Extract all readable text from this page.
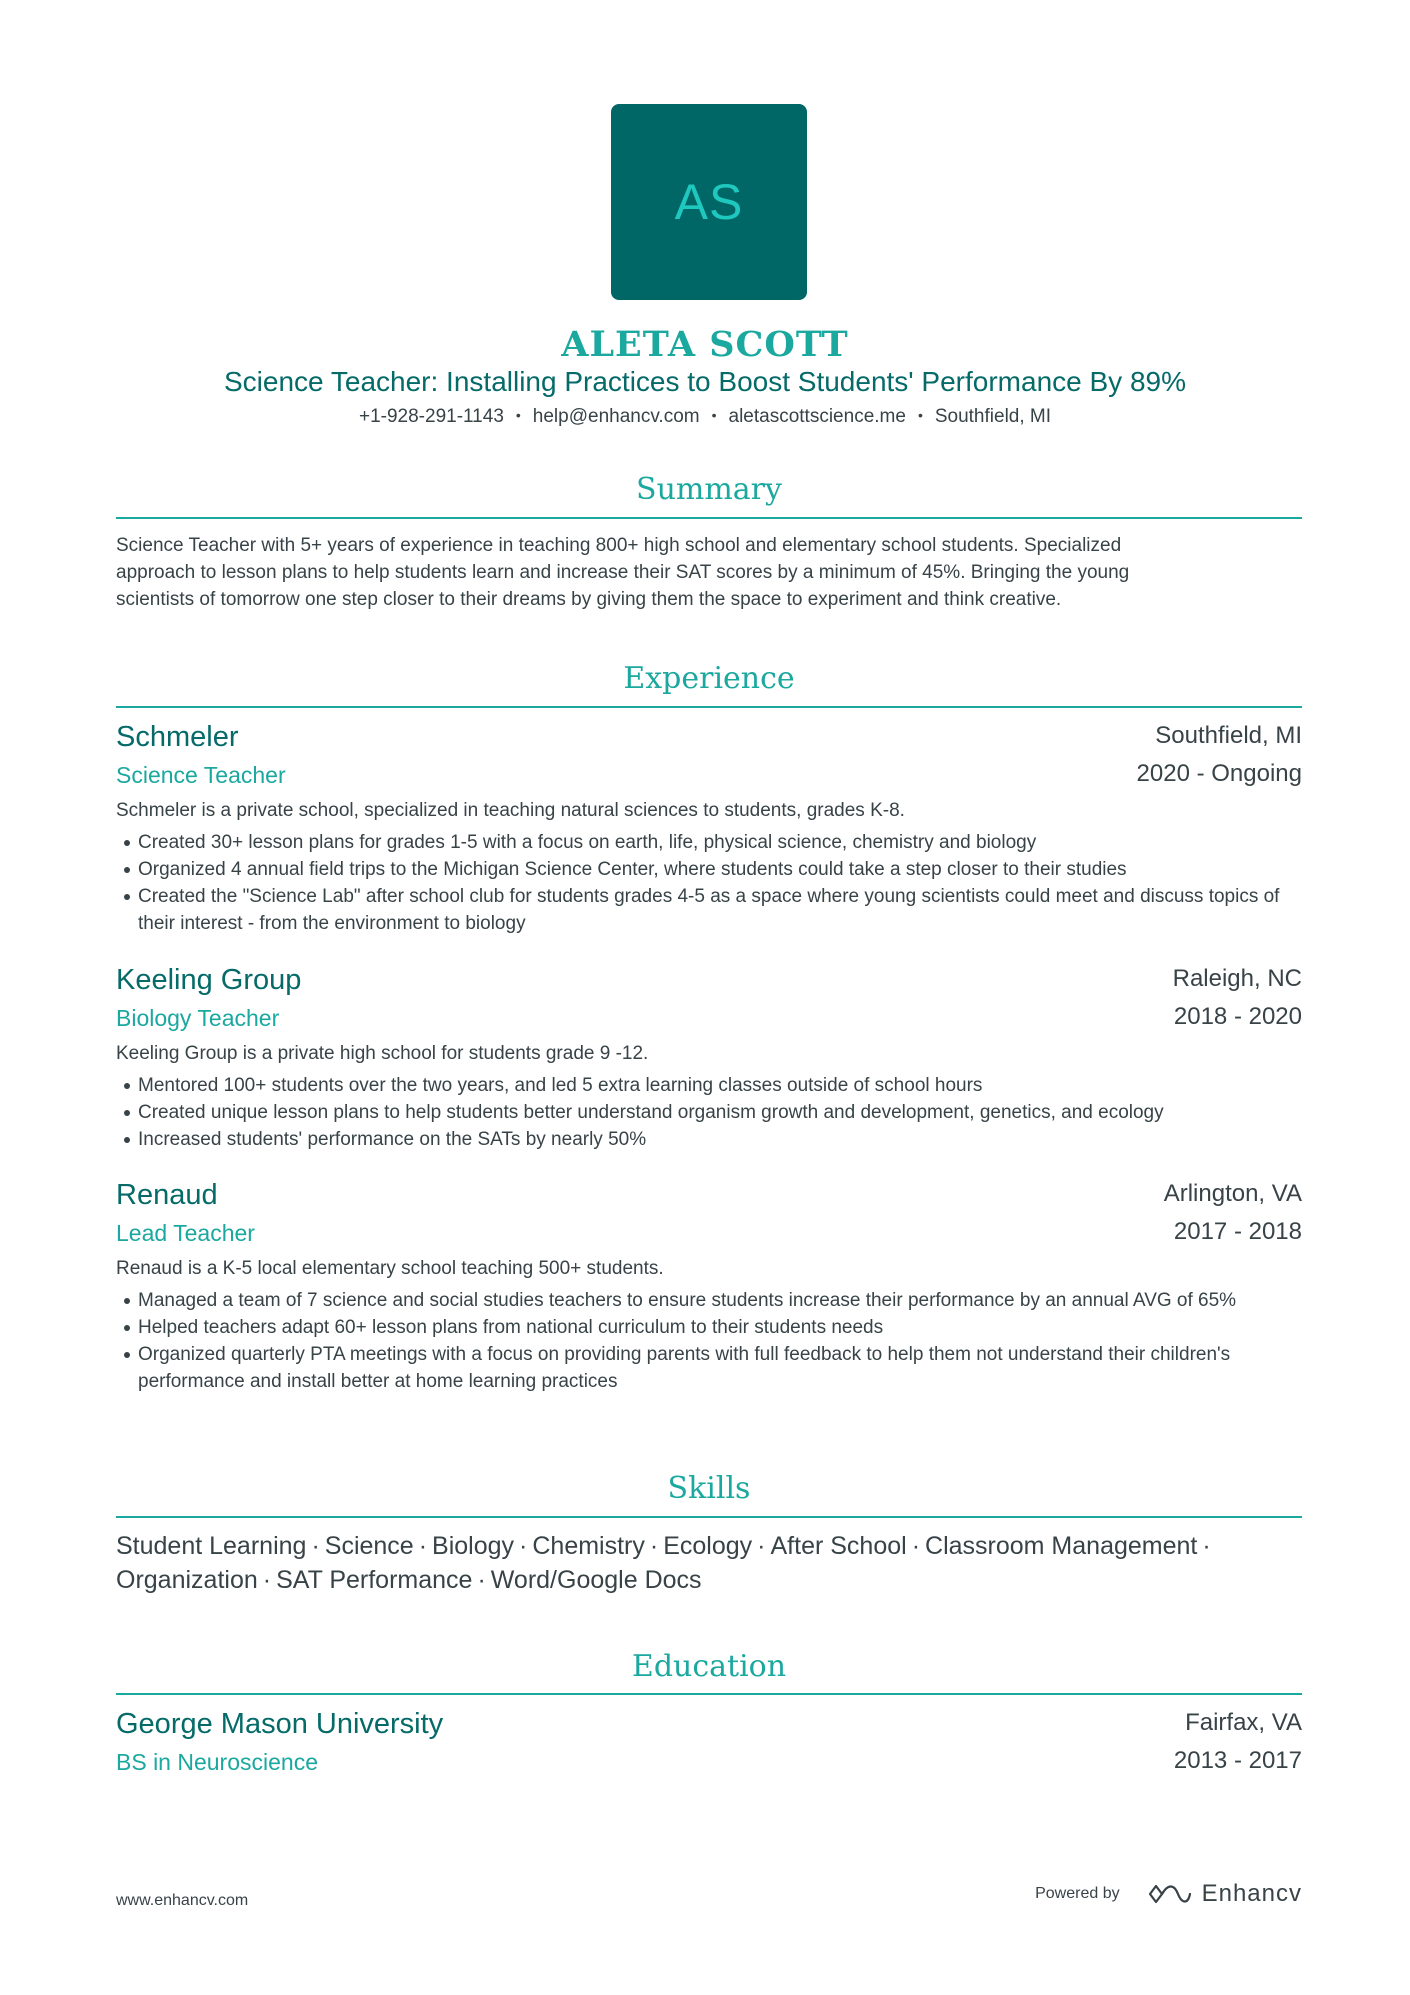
AS
ALETA SCOTT
Science Teacher: Installing Practices to Boost Students' Performance By 89%
+1-928-291-1143 • help@enhancv.com • aletascottscience.me • Southfield, MI
Summary
Science Teacher with 5+ years of experience in teaching 800+ high school and elementary school students. Specialized
approach to lesson plans to help students learn and increase their SAT scores by a minimum of 45%. Bringing the young
scientists of tomorrow one step closer to their dreams by giving them the space to experiment and think creative.
Experience
Schmeler	Southfield, MI
Science Teacher	2020 - Ongoing
Schmeler is a private school, specialized in teaching natural sciences to students, grades K-8.
Created 30+ lesson plans for grades 1-5 with a focus on earth, life, physical science, chemistry and biology
Organized 4 annual field trips to the Michigan Science Center, where students could take a step closer to their studies
Created the "Science Lab" after school club for students grades 4-5 as a space where young scientists could meet and discuss topics of their interest - from the environment to biology
Keeling Group	Raleigh, NC
Biology Teacher	2018 - 2020
Keeling Group is a private high school for students grade 9 -12.
Mentored 100+ students over the two years, and led 5 extra learning classes outside of school hours
Created unique lesson plans to help students better understand organism growth and development, genetics, and ecology
Increased students' performance on the SATs by nearly 50%
Renaud	Arlington, VA
Lead Teacher	2017 - 2018
Renaud is a K-5 local elementary school teaching 500+ students.
Managed a team of 7 science and social studies teachers to ensure students increase their performance by an annual AVG of 65%
Helped teachers adapt 60+ lesson plans from national curriculum to their students needs
Organized quarterly PTA meetings with a focus on providing parents with full feedback to help them not understand their children's performance and install better at home learning practices
Skills
Student Learning · Science · Biology · Chemistry · Ecology · After School · Classroom Management ·
Organization · SAT Performance · Word/Google Docs
Education
George Mason University	Fairfax, VA
BS in Neuroscience	2013 - 2017
www.enhancv.com	Powered by	Enhancv
